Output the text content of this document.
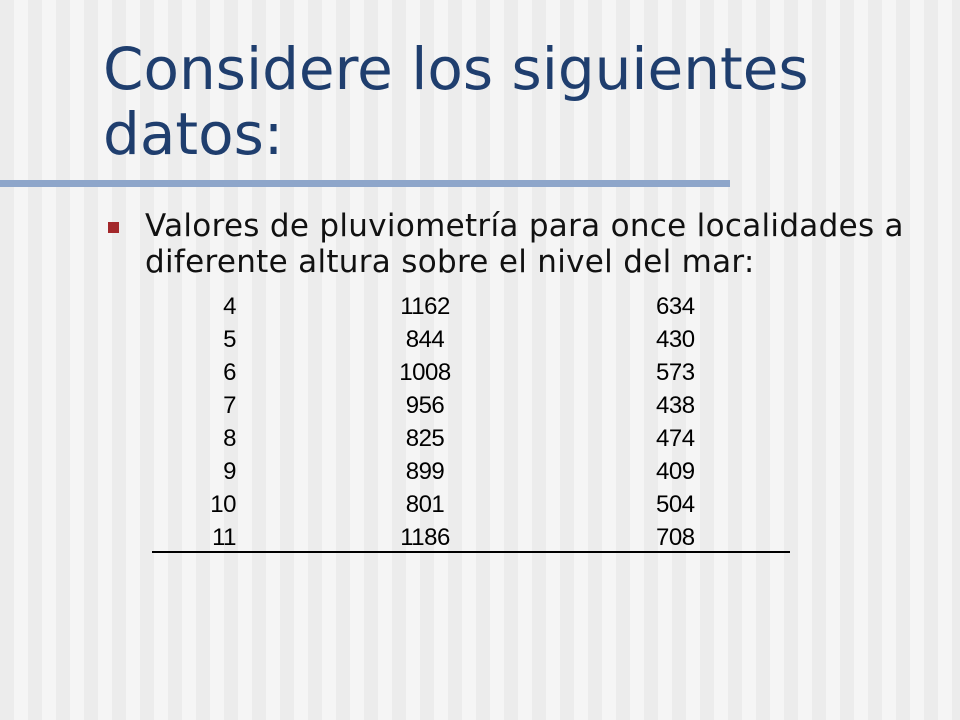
Considere los siguientes datos:

Valores de pluviometría para once localidades a diferente altura sobre el nivel del mar:

4	1162	634
5	844	430
6	1008	573
7	956	438
8	825	474
9	899	409
10	801	504
11	1186	708
